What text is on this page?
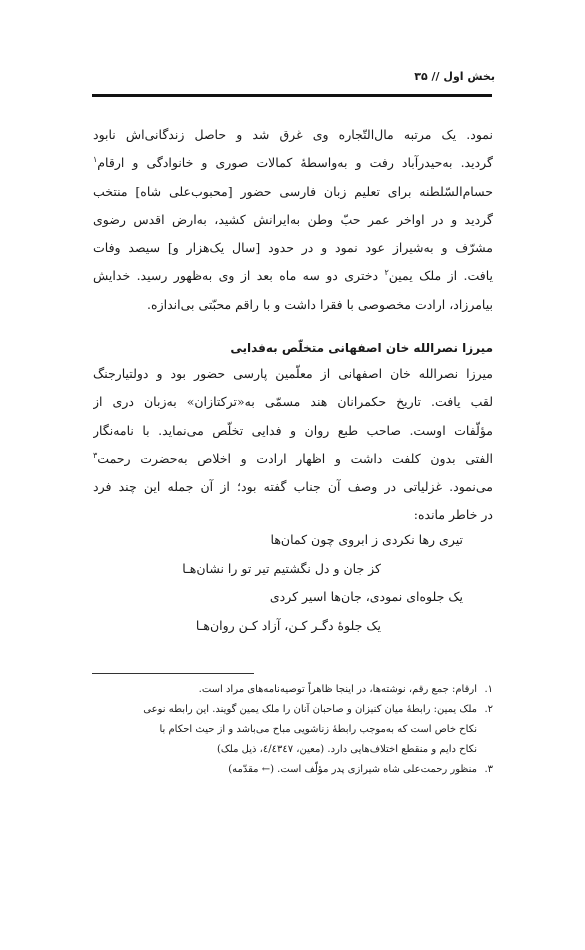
بخش اول // ۳۵
نمود. یک مرتبه مال‌التّجاره وی غرق شد و حاصل زندگانی‌اش نابود
گردید. به‌حیدرآباد رفت و به‌واسطهٔ کمالات صوری و خانوادگی و ارقام$^۱$
حسام‌السّلطنه برای تعلیم زبان فارسی حضور [محبوب‌علی شاه] منتخب
گردید و در اواخر عمر حبّ وطن به‌ایرانش کشید، به‌ارض اقدس رضوی
مشرّف و به‌شیراز عود نمود و در حدود [سال یک‌هزار و] سیصد وفات
یافت. از ملک یمین$^۲$ دختری دو سه ماه بعد از وی به‌ظهور رسید. خدایش
بیامرزاد، ارادت مخصوصی با فقرا داشت و با راقم محبّتی بی‌اندازه.
میرزا نصرالله خان اصفهانی متخلّص به‌فدایی
میرزا نصرالله خان اصفهانی از معلّمین پارسی حضور بود و دولتیارجنگ
لقب یافت. تاریخ حکمرانان هند مسمّی به«ترکتازان» به‌زبان دری از
مؤلّفات اوست. صاحب طبع روان و فدایی تخلّص می‌نماید. با نامه‌نگار
الفتی بدون کلفت داشت و اظهار ارادت و اخلاص به‌حضرت رحمت$^۳$
می‌نمود. غزلیاتی در وصف آن جناب گفته بود؛ از آن جمله این چند فرد
در خاطر مانده:
تیری رها نکردی ز ابروی چون کمان‌ها
کز جان و دل نگشتیم تیر تو را نشان‌هـا
یک جلوه‌ای نمودی، جان‌ها اسیر کردی
یک جلوهٔ دگـر کـن، آزاد کـن روان‌هـا
۱.ارقام: جمع رقم، نوشته‌ها، در اینجا ظاهراً توصیه‌نامه‌های مراد است.
۲.ملک یمین: رابطهٔ میان کنیزان و صاحبان آنان را ملک یمین گویند. این رابطه نوعی
نکاح خاص است که به‌موجب رابطهٔ زناشویی مباح می‌باشد و از حیث احکام با
نکاح دایم و منقطع اختلاف‌هایی دارد. (معین، ٤/٤٣٤٧، ذیل ملک)
۳.منظور رحمت‌علی شاه شیرازی پدر مؤلّف است. (← مقدّمه)
